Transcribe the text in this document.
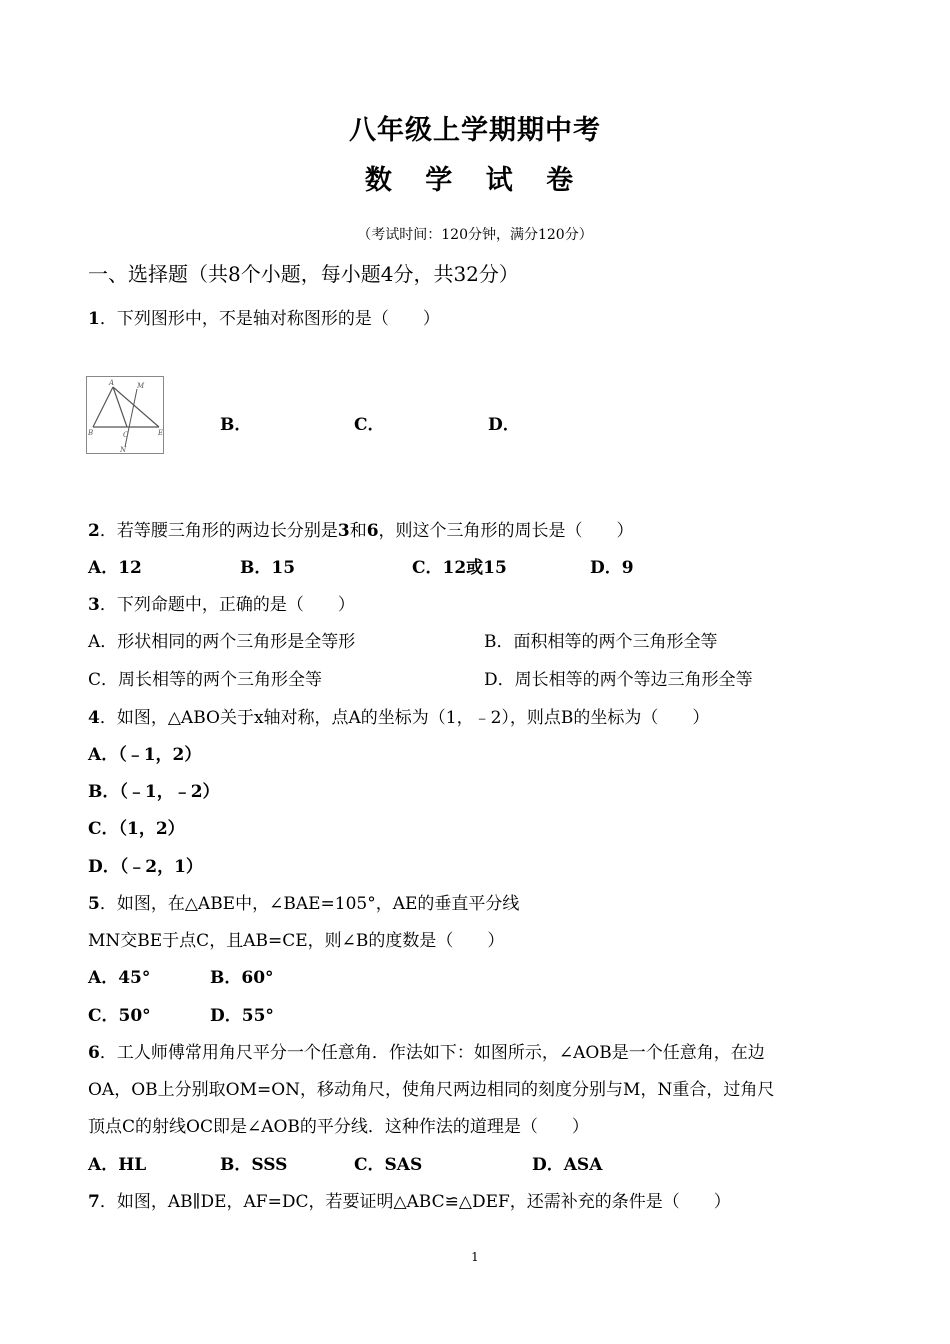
八年级上学期期中考
数 学 试 卷
（考试时间：120分钟，满分120分）
一、选择题（共8个小题，每小题4分，共32分）
1．下列图形中，不是轴对称图形的是（　　）
A	M
B	C	E
N
B．	C．	D．
2．若等腰三角形的两边长分别是3和6，则这个三角形的周长是（　　）
A．12	B．15	C．12或15	D．9
3．下列命题中，正确的是（　　）
A．形状相同的两个三角形是全等形	B．面积相等的两个三角形全等
C．周长相等的两个三角形全等	D．周长相等的两个等边三角形全等
4．如图，△ABO关于x轴对称，点A的坐标为（1，﹣2），则点B的坐标为（　　）
A．（﹣1，2）
B．（﹣1，﹣2）
C．（1，2）
D．（﹣2，1）
5．如图，在△ABE中，∠BAE=105°，AE的垂直平分线
MN交BE于点C，且AB=CE，则∠B的度数是（　　）
A．45°	B．60°
C．50°	D．55°
6．工人师傅常用角尺平分一个任意角．作法如下：如图所示，∠AOB是一个任意角，在边
OA，OB上分别取OM=ON，移动角尺，使角尺两边相同的刻度分别与M，N重合，过角尺
顶点C的射线OC即是∠AOB的平分线．这种作法的道理是（　　）
A．HL	B．SSS	C．SAS	D．ASA
7．如图，AB∥DE，AF=DC，若要证明△ABC≌△DEF，还需补充的条件是（　　）
1
